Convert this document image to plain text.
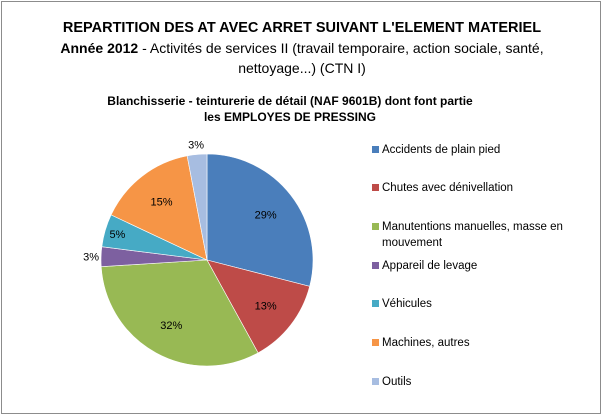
REPARTITION DES AT AVEC ARRET SUIVANT L'ELEMENT MATERIEL
Année 2012 - Activités de services II (travail temporaire, action sociale, santé, nettoyage...) (CTN I)
Blanchisserie - teinturerie de détail (NAF 9601B) dont font partie les EMPLOYES DE PRESSING
29%
13%
32%
3%
5%
15%
3%	Accidents de plain pied
Chutes avec dénivellation
Manutentions manuelles, masse en mouvement
Appareil de levage
Véhicules
Machines, autres
Outils
